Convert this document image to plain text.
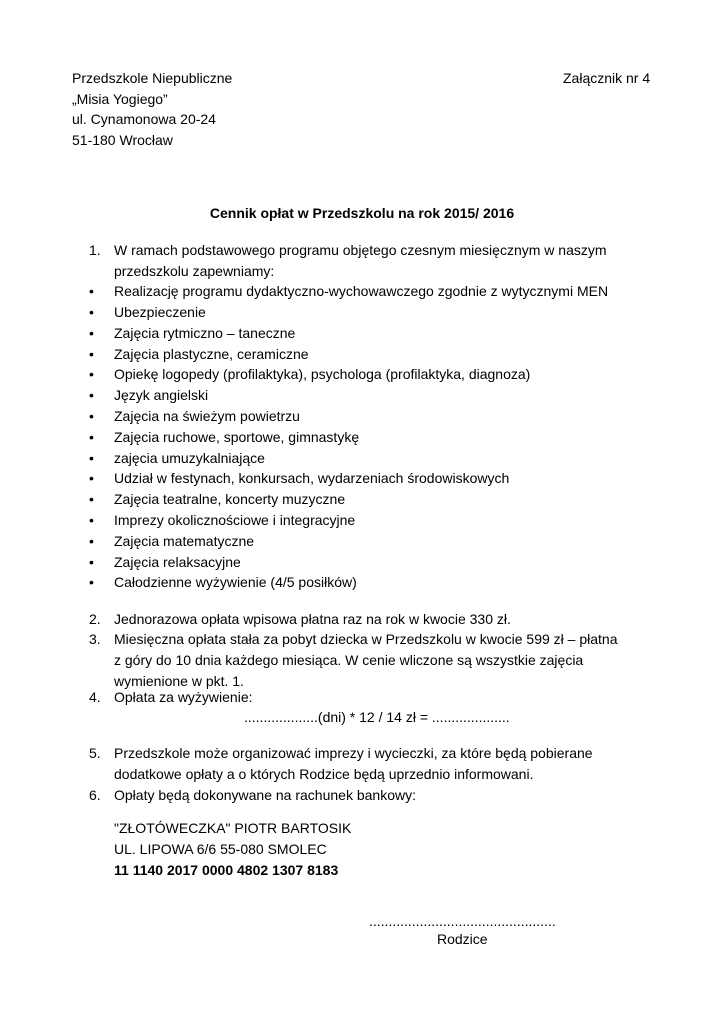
Przedszkole Niepubliczne
„Misia Yogiego”
ul. Cynamonowa 20-24
51-180 Wrocław
Załącznik nr 4
Cennik opłat w Przedszkolu na rok 2015/ 2016
1. W ramach podstawowego programu objętego czesnym miesięcznym w naszym
przedszkolu zapewniamy:
• Realizację programu dydaktyczno-wychowawczego zgodnie z wytycznymi MEN
• Ubezpieczenie
• Zajęcia rytmiczno – taneczne
• Zajęcia plastyczne, ceramiczne
• Opiekę logopedy (profilaktyka), psychologa (profilaktyka, diagnoza)
• Język angielski
• Zajęcia na świeżym powietrzu
• Zajęcia ruchowe, sportowe, gimnastykę
• zajęcia umuzykalniające
• Udział w festynach, konkursach, wydarzeniach środowiskowych
• Zajęcia teatralne, koncerty muzyczne
• Imprezy okolicznościowe i integracyjne
• Zajęcia matematyczne
• Zajęcia relaksacyjne
• Całodzienne wyżywienie (4/5 posiłków)
2. Jednorazowa opłata wpisowa płatna raz na rok w kwocie 330 zł.
3. Miesięczna opłata stała za pobyt dziecka w Przedszkolu w kwocie 599 zł – płatna
z góry do 10 dnia każdego miesiąca. W cenie wliczone są wszystkie zajęcia
wymienione w pkt. 1.
4. Opłata za wyżywienie:
...................(dni) * 12 / 14 zł = ....................
5. Przedszkole może organizować imprezy i wycieczki, za które będą pobierane
dodatkowe opłaty a o których Rodzice będą uprzednio informowani.
6. Opłaty będą dokonywane na rachunek bankowy:
"ZŁOTÓWECZKA" PIOTR BARTOSIK
UL. LIPOWA 6/6 55-080 SMOLEC
11 1140 2017 0000 4802 1307 8183
................................................
Rodzice
